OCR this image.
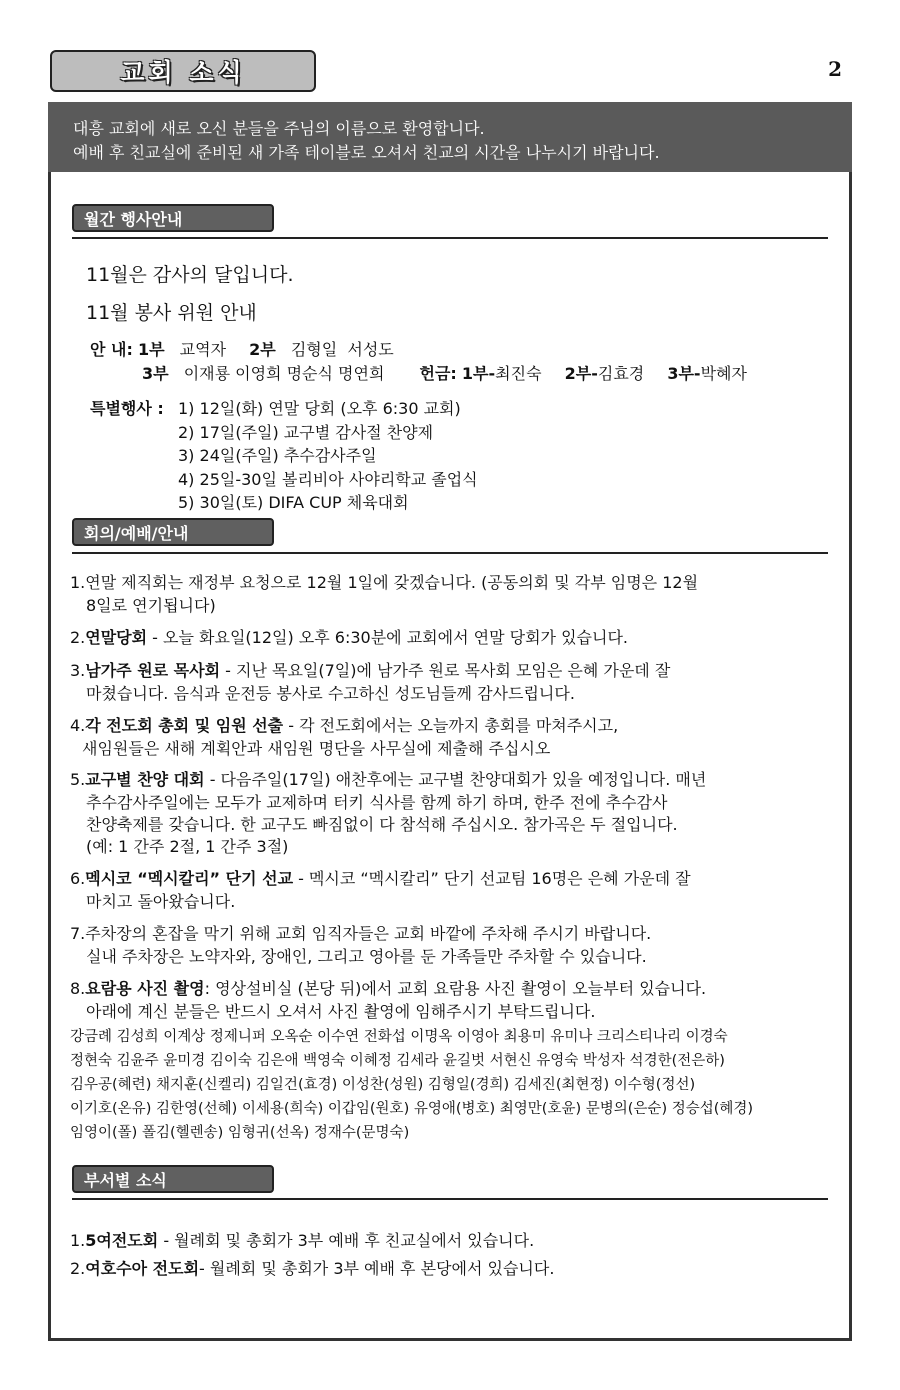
교회 소식	2
대흥 교회에 새로 오신 분들을 주님의 이름으로 환영합니다.
예배 후 친교실에 준비된 새 가족 테이블로 오셔서 친교의 시간을 나누시기 바랍니다.
월간 행사안내
11월은 감사의 달입니다.
11월 봉사 위원 안내
안 내: 1부 교역자 2부 김형일  서성도
3부 이재룡 이영희 명순식 명연희 헌금: 1부-최진숙 2부-김효경 3부-박혜자
특별행사 : 1) 12일(화) 연말 당회 (오후 6:30 교회)
2) 17일(주일) 교구별 감사절 찬양제
3) 24일(주일) 추수감사주일
4) 25일-30일 볼리비아 사야리학교 졸업식
5) 30일(토) DIFA CUP 체육대회
회의/예배/안내
1.연말 제직회는 재정부 요청으로 12월 1일에 갖겠습니다. (공동의회 및 각부 임명은 12월
8일로 연기됩니다)
2.연말당회 - 오늘 화요일(12일) 오후 6:30분에 교회에서 연말 당회가 있습니다.
3.남가주 원로 목사회 - 지난 목요일(7일)에 남가주 원로 목사회 모임은 은혜 가운데 잘
마쳤습니다. 음식과 운전등 봉사로 수고하신 성도님들께 감사드립니다.
4.각 전도회 총회 및 임원 선출 - 각 전도회에서는 오늘까지 총회를 마쳐주시고,
새임원들은 새해 계획안과 새임원 명단을 사무실에 제출해 주십시오
5.교구별 찬양 대회 - 다음주일(17일) 애찬후에는 교구별 찬양대회가 있을 예정입니다. 매년
추수감사주일에는 모두가 교제하며 터키 식사를 함께 하기 하며, 한주 전에 추수감사
찬양축제를 갖습니다. 한 교구도 빠짐없이 다 참석해 주십시오. 참가곡은 두 절입니다.
(예: 1 간주 2절, 1 간주 3절)
6.멕시코 “멕시칼리” 단기 선교 - 멕시코 “멕시칼리” 단기 선교팀 16명은 은혜 가운데 잘
마치고 돌아왔습니다.
7.주차장의 혼잡을 막기 위해 교회 임직자들은 교회 바깥에 주차해 주시기 바랍니다.
실내 주차장은 노약자와, 장애인, 그리고 영아를 둔 가족들만 주차할 수 있습니다.
8.요람용 사진 촬영: 영상설비실 (본당 뒤)에서 교회 요람용 사진 촬영이 오늘부터 있습니다.
아래에 계신 분들은 반드시 오셔서 사진 촬영에 임해주시기 부탁드립니다.
강금례 김성희 이계상 정제니퍼 오옥순 이수연 전화섭 이명옥 이영아 최용미 유미나 크리스티나리 이경숙
정현숙 김윤주 윤미경 김이숙 김은애 백영숙 이혜정 김세라 윤길벗 서현신 유영숙 박성자 석경한(전은하)
김우공(혜련) 채지훈(신켈리) 김일건(효경) 이성찬(성원) 김형일(경희) 김세진(최현정) 이수형(정선)
이기호(온유) 김한영(선혜) 이세용(희숙) 이갑임(원호) 유영애(병호) 최영만(호윤) 문병의(은순) 정승섭(혜경)
임영이(폴) 폴김(헬렌송) 임형귀(선옥) 정재수(문명숙)
부서별 소식
1.5여전도회 - 월례회 및 총회가 3부 예배 후 친교실에서 있습니다.
2.여호수아 전도회- 월례회 및 총회가 3부 예배 후 본당에서 있습니다.
